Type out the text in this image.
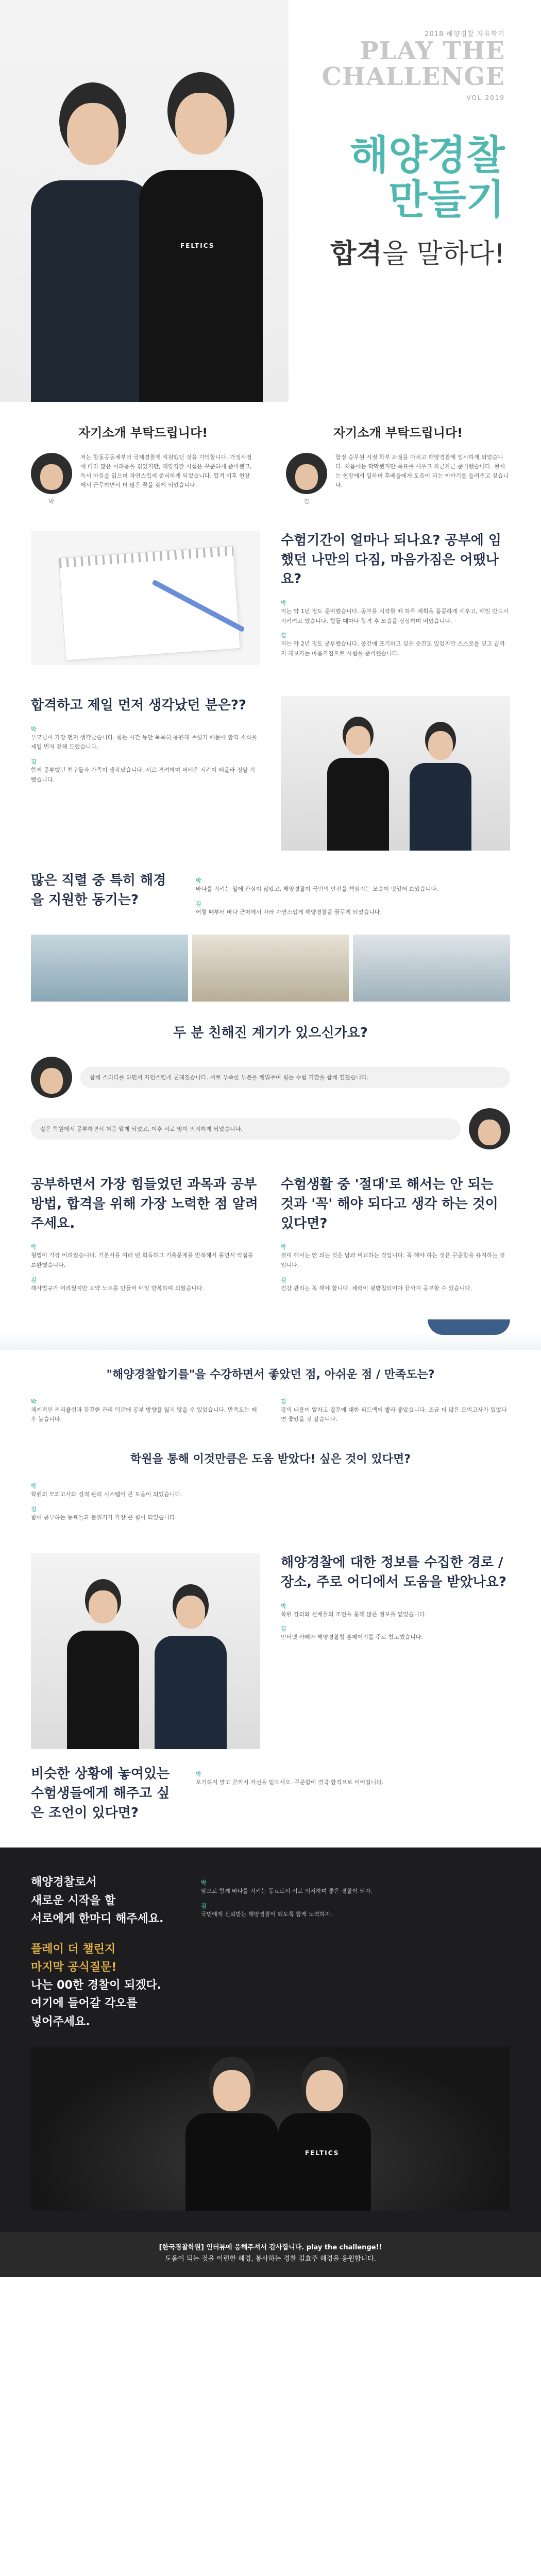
FELTICS
2018 해양경찰 자유학기
PLAY THE
CHALLENGE
VOL 2019
해양경찰
만들기
합격을 말하다!
자기소개 부탁드립니다!
박

저는 합동공동체부터 국제경찰에 지원했던 것을 기억합니다. 가정사정에 따라 많은 어려움을 겪었지만, 해양경찰 시험은 꾸준하게 준비했고, 독서 마음을 읽으며 자연스럽게 준비하게 되었습니다. 합격 이후 현장에서 근무하면서 더 많은 꿈을 갖게 되었습니다.

자기소개 부탁드립니다!
김

함정 승무원 시절 학부 과정을 마치고 해양경찰에 입사하게 되었습니다. 처음에는 막막했지만 목표를 세우고 차근차근 준비했습니다. 현재는 현장에서 일하며 후배들에게 도움이 되는 이야기를 들려주고 싶습니다.

수험기간이 얼마나 되나요? 공부에 임했던 나만의 다짐, 마음가짐은 어땠나요?
박

저는 약 1년 정도 준비했습니다. 공부를 시작할 때 하루 계획을 꼼꼼하게 세우고, 매일 반드시 지키려고 했습니다. 힘들 때마다 합격 후 모습을 상상하며 버텼습니다.

김

저는 약 2년 정도 공부했습니다. 중간에 포기하고 싶은 순간도 있었지만 스스로를 믿고 끝까지 해보자는 마음가짐으로 시험을 준비했습니다.

합격하고 제일 먼저 생각났던 분은??
박

부모님이 가장 먼저 생각났습니다. 힘든 시간 동안 묵묵히 응원해 주셨기 때문에 합격 소식을 제일 먼저 전해 드렸습니다.

김

함께 공부했던 친구들과 가족이 생각났습니다. 서로 격려하며 버텨온 시간이 떠올라 정말 기뻤습니다.

많은 직렬 중 특히 해경을 지원한 동기는?
박

바다를 지키는 일에 관심이 많았고, 해양경찰이 국민의 안전을 책임지는 모습이 멋있어 보였습니다.

김

어릴 때부터 바다 근처에서 자라 자연스럽게 해양경찰을 꿈꾸게 되었습니다.

두 분 친해진 계기가 있으신가요?
함께 스터디를 하면서 자연스럽게 친해졌습니다. 서로 부족한 부분을 채워주며 힘든 수험 기간을 함께 견뎠습니다.
같은 학원에서 공부하면서 처음 알게 되었고, 이후 서로 많이 의지하게 되었습니다.
공부하면서 가장 힘들었던 과목과 공부 방법, 합격을 위해 가장 노력한 점 알려주세요.
박

형법이 가장 어려웠습니다. 기본서를 여러 번 회독하고 기출문제를 반복해서 풀면서 약점을 보완했습니다.

김

해사법규가 어려웠지만 요약 노트를 만들어 매일 반복하며 외웠습니다.

수험생활 중 '절대'로 해서는 안 되는 것과 '꼭' 해야 되다고 생각 하는 것이 있다면?
박

절대 해서는 안 되는 것은 남과 비교하는 것입니다. 꼭 해야 하는 것은 꾸준함을 유지하는 것입니다.

김

건강 관리는 꼭 해야 합니다. 체력이 뒷받침되어야 끝까지 공부할 수 있습니다.

"해양경찰합기를"을 수강하면서 좋았던 점, 아쉬운 점 / 만족도는?
박

체계적인 커리큘럼과 꼼꼼한 관리 덕분에 공부 방향을 잃지 않을 수 있었습니다. 만족도는 매우 높습니다.

김

강의 내용이 알차고 질문에 대한 피드백이 빨라 좋았습니다. 조금 더 많은 모의고사가 있었다면 좋았을 것 같습니다.

학원을 통해 이것만큼은 도움 받았다! 싶은 것이 있다면?
박

학원의 모의고사와 성적 관리 시스템이 큰 도움이 되었습니다.

김

함께 공부하는 동료들과 분위기가 가장 큰 힘이 되었습니다.

해양경찰에 대한 정보를 수집한 경로 / 장소, 주로 어디에서 도움을 받았나요?
박

학원 강의와 선배들의 조언을 통해 많은 정보를 얻었습니다.

김

인터넷 카페와 해양경찰청 홈페이지를 주로 참고했습니다.

비슷한 상황에 놓여있는 수험생들에게 해주고 싶은 조언이 있다면?
박

포기하지 말고 끝까지 자신을 믿으세요. 꾸준함이 결국 합격으로 이어집니다.

해양경찰로서
새로운 시작을 할
서로에게 한마디 해주세요.
플레이 더 챌린지
마지막 공식질문!
나는 00한 경찰이 되겠다.
여기에 들어갈 각오를
넣어주세요.
박

앞으로 함께 바다를 지키는 동료로서 서로 의지하며 좋은 경찰이 되자.

김

국민에게 신뢰받는 해양경찰이 되도록 함께 노력하자.

FELTICS
[한국경찰학원] 인터뷰에 응해주셔서 감사합니다. play the challenge!!
도움이 되는 것을 이런한 해경, 봉사하는 경찰 김효주 해경을 응원합니다.
